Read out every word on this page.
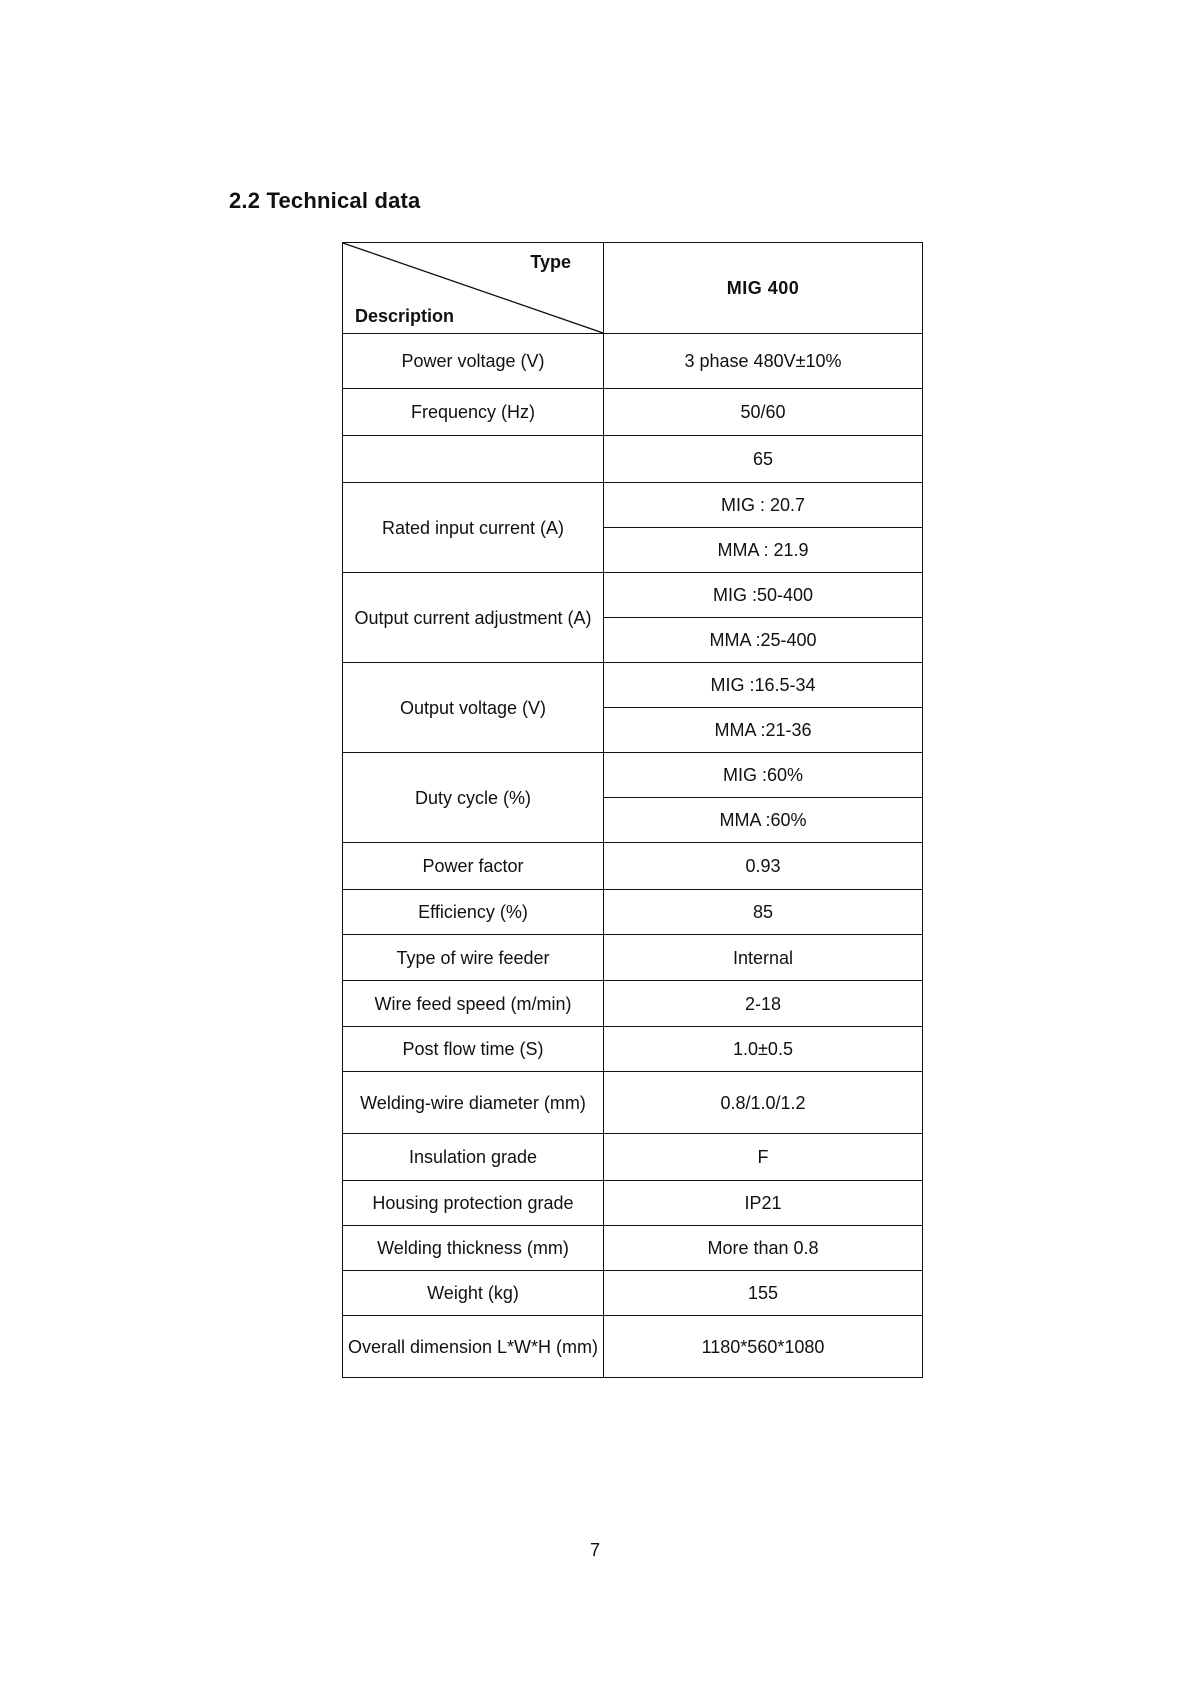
2.2 Technical data
Type
Description	MIG 400
Power voltage (V)	3 phase 480V±10%
Frequency (Hz)	50/60
	65
Rated input current (A)	MIG : 20.7
	MMA : 21.9
Output current adjustment (A)	MIG :50-400
	MMA :25-400
Output voltage (V)	MIG :16.5-34
	MMA :21-36
Duty cycle (%)	MIG :60%
	MMA :60%
Power factor	0.93
Efficiency (%)	85
Type of wire feeder	Internal
Wire feed speed (m/min)	2-18
Post flow time (S)	1.0±0.5
Welding-wire diameter (mm)	0.8/1.0/1.2
Insulation grade	F
Housing protection grade	IP21
Welding thickness (mm)	More than 0.8
Weight (kg)	155
Overall dimension L*W*H (mm)	1180*560*1080
7
